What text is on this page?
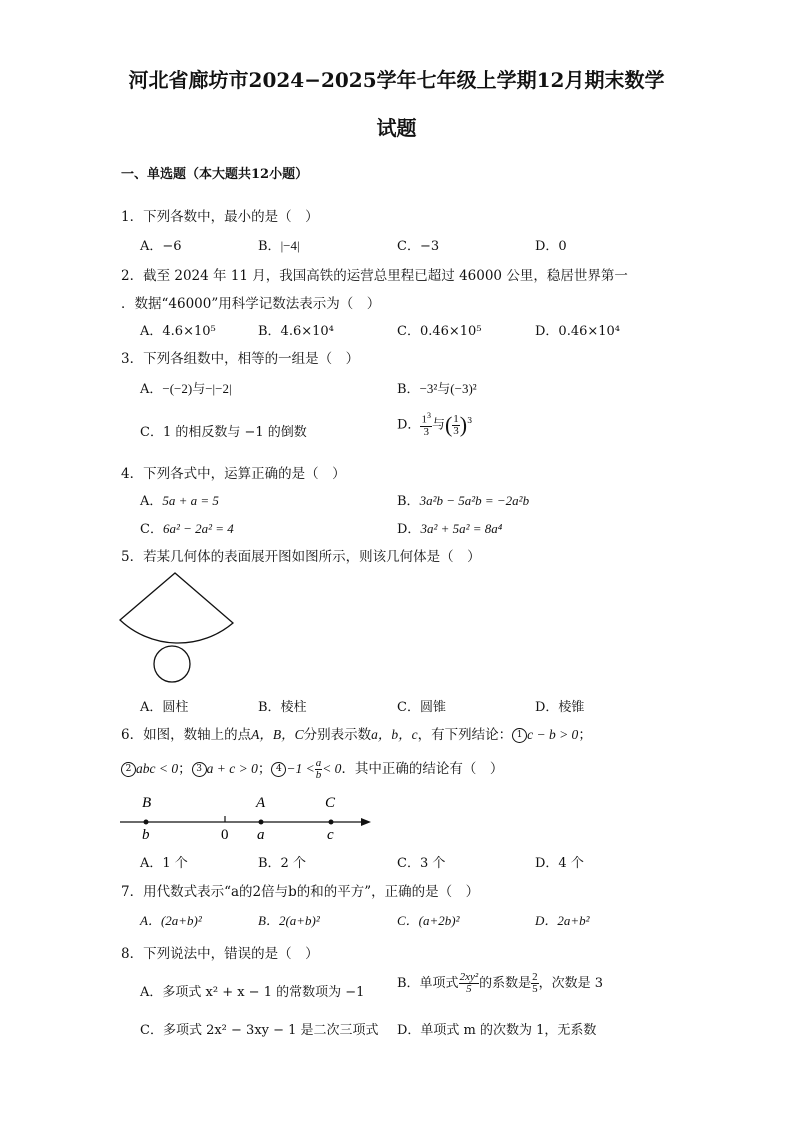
河北省廊坊市2024−2025学年七年级上学期12月期末数学
试题
一、单选题（本大题共12小题）
1．下列各数中，最小的是（　）
A．−6	B．|−4|	C．−3	D．0
2．截至 2024 年 11 月，我国高铁的运营总里程已超过 46000 公里，稳居世界第一
．数据“46000”用科学记数法表示为（　）
A．4.6×10⁵	B．4.6×10⁴	C．0.46×10⁵	D．0.46×10⁴
3．下列各组数中，相等的一组是（　）
A．−(−2)与−|−2|	B．−3²与(−3)²
C．1 的相反数与 −1 的倒数	D． $\frac{1^3}{3}$ 与( $\frac{1}{3} )^3$
4．下列各式中，运算正确的是（　）
A．5a + a = 5	B．3a²b − 5a²b = −2a²b
C．6a² − 2a² = 4	D．3a² + 5a² = 8a⁴
5．若某几何体的表面展开图如图所示，则该几何体是（　）
A．圆柱	B．棱柱	C．圆锥	D．棱锥
6．如图，数轴上的点A，B，C分别表示数a，b，c，有下列结论： 1 c − b > 0；
2 abc < 0； 3 a + c > 0； $4 -1 < \frac{a}{b} < 0$．其中正确的结论有（　）
B	A	C
b	0 a	c
A．1 个	B．2 个	C．3 个	D．4 个
7．用代数式表示“a的2倍与b的和的平方”，正确的是（　）
A．(2a+b)²	B．2(a+b)²	C．(a+2b)²	D．2a+b²
8．下列说法中，错误的是（　）
A．多项式 x² + x − 1 的常数项为 −1
B．单项式 $\frac{\text{2xy²}}{5}$ 的系数是 $\frac{2}{5}$ ，次数是 3
C．多项式 2x² − 3xy − 1 是二次三项式 D．单项式 m 的次数为 1，无系数
